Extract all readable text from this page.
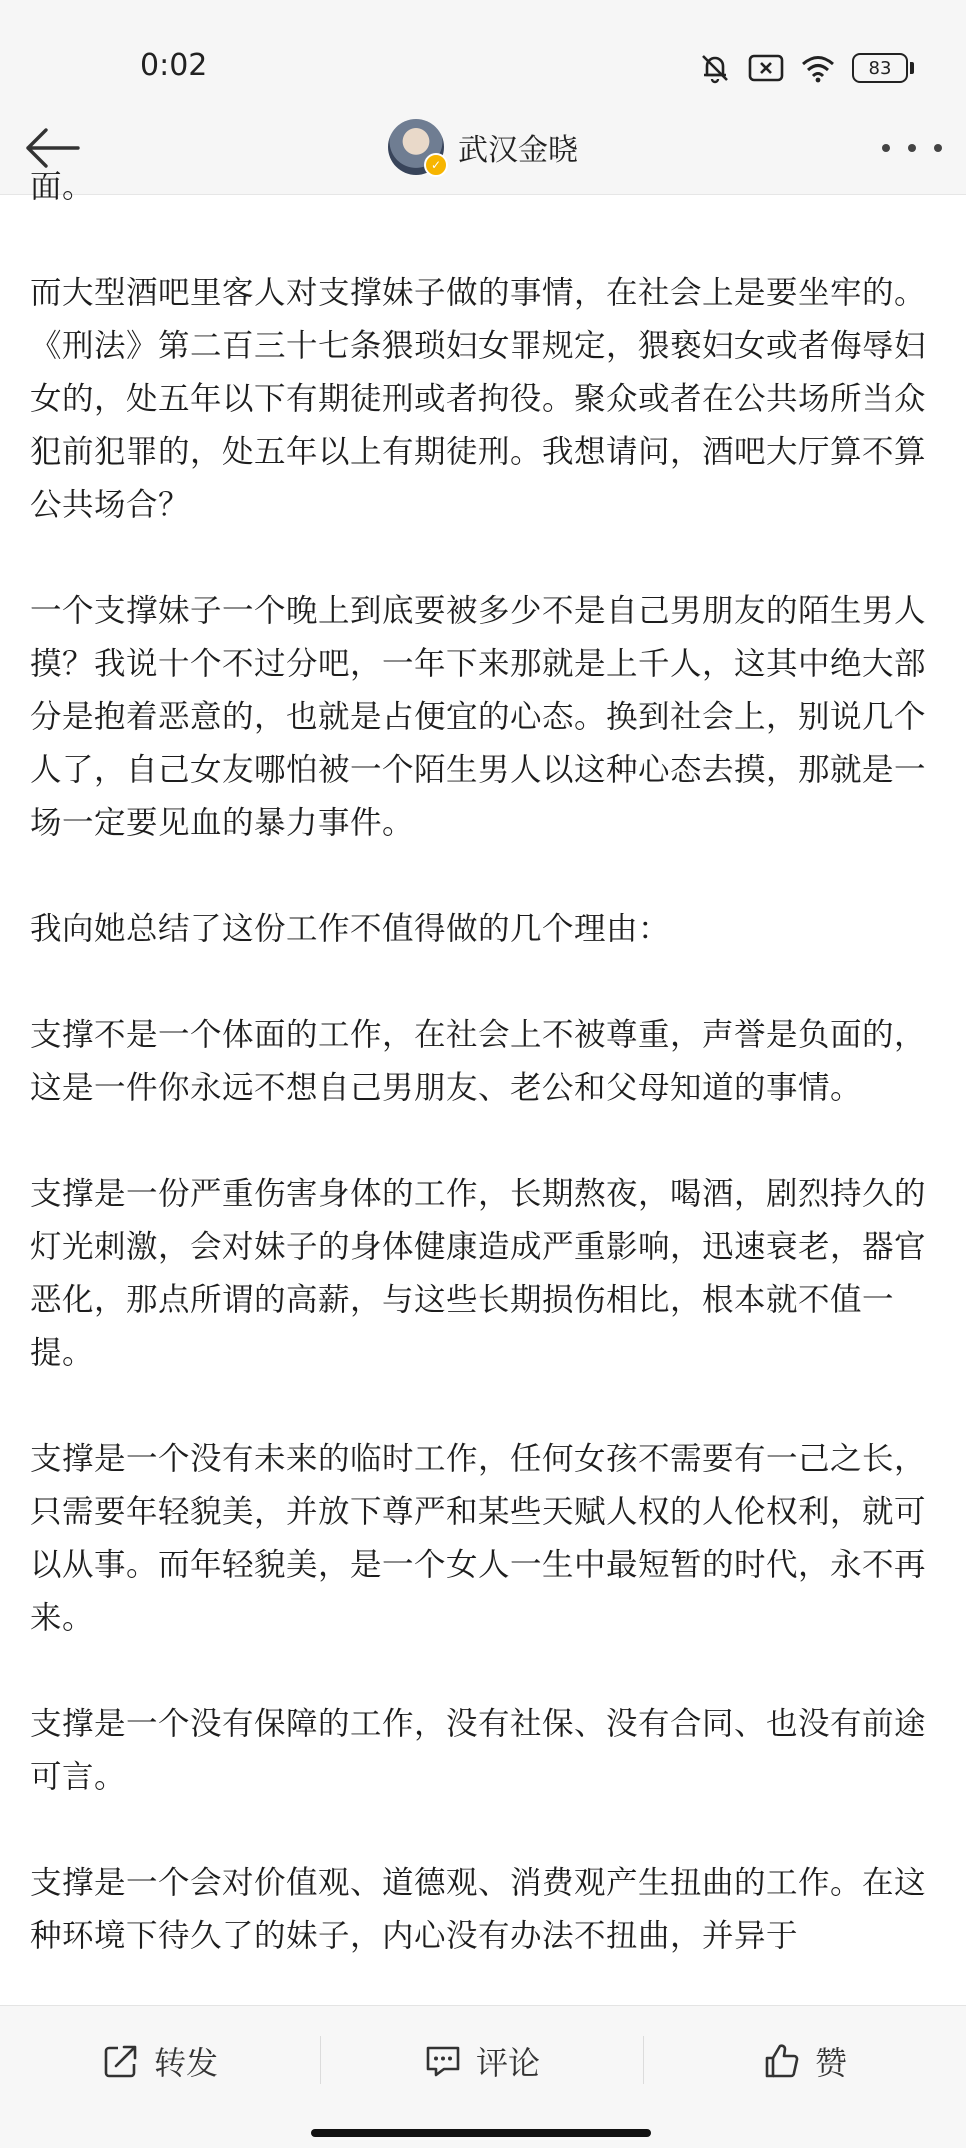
0:02	83
✓ 武汉金晓

面。

而大型酒吧里客人对支撑妹子做的事情，在社会上是要坐牢的。《刑法》第二百三十七条猥琐妇女罪规定，猥亵妇女或者侮辱妇女的，处五年以下有期徒刑或者拘役。聚众或者在公共场所当众犯前犯罪的，处五年以上有期徒刑。我想请问，酒吧大厅算不算公共场合？

一个支撑妹子一个晚上到底要被多少不是自己男朋友的陌生男人摸？我说十个不过分吧，一年下来那就是上千人，这其中绝大部分是抱着恶意的，也就是占便宜的心态。换到社会上，别说几个人了，自己女友哪怕被一个陌生男人以这种心态去摸，那就是一场一定要见血的暴力事件。

我向她总结了这份工作不值得做的几个理由：

支撑不是一个体面的工作，在社会上不被尊重，声誉是负面的，这是一件你永远不想自己男朋友、老公和父母知道的事情。

支撑是一份严重伤害身体的工作，长期熬夜，喝酒，剧烈持久的灯光刺激，会对妹子的身体健康造成严重影响，迅速衰老，器官恶化，那点所谓的高薪，与这些长期损伤相比，根本就不值一提。

支撑是一个没有未来的临时工作，任何女孩不需要有一己之长，只需要年轻貌美，并放下尊严和某些天赋人权的人伦权利，就可以从事。而年轻貌美，是一个女人一生中最短暂的时代，永不再来。

支撑是一个没有保障的工作，没有社保、没有合同、也没有前途可言。

支撑是一个会对价值观、道德观、消费观产生扭曲的工作。在这种环境下待久了的妹子，内心没有办法不扭曲，并异于

转发	评论	赞
